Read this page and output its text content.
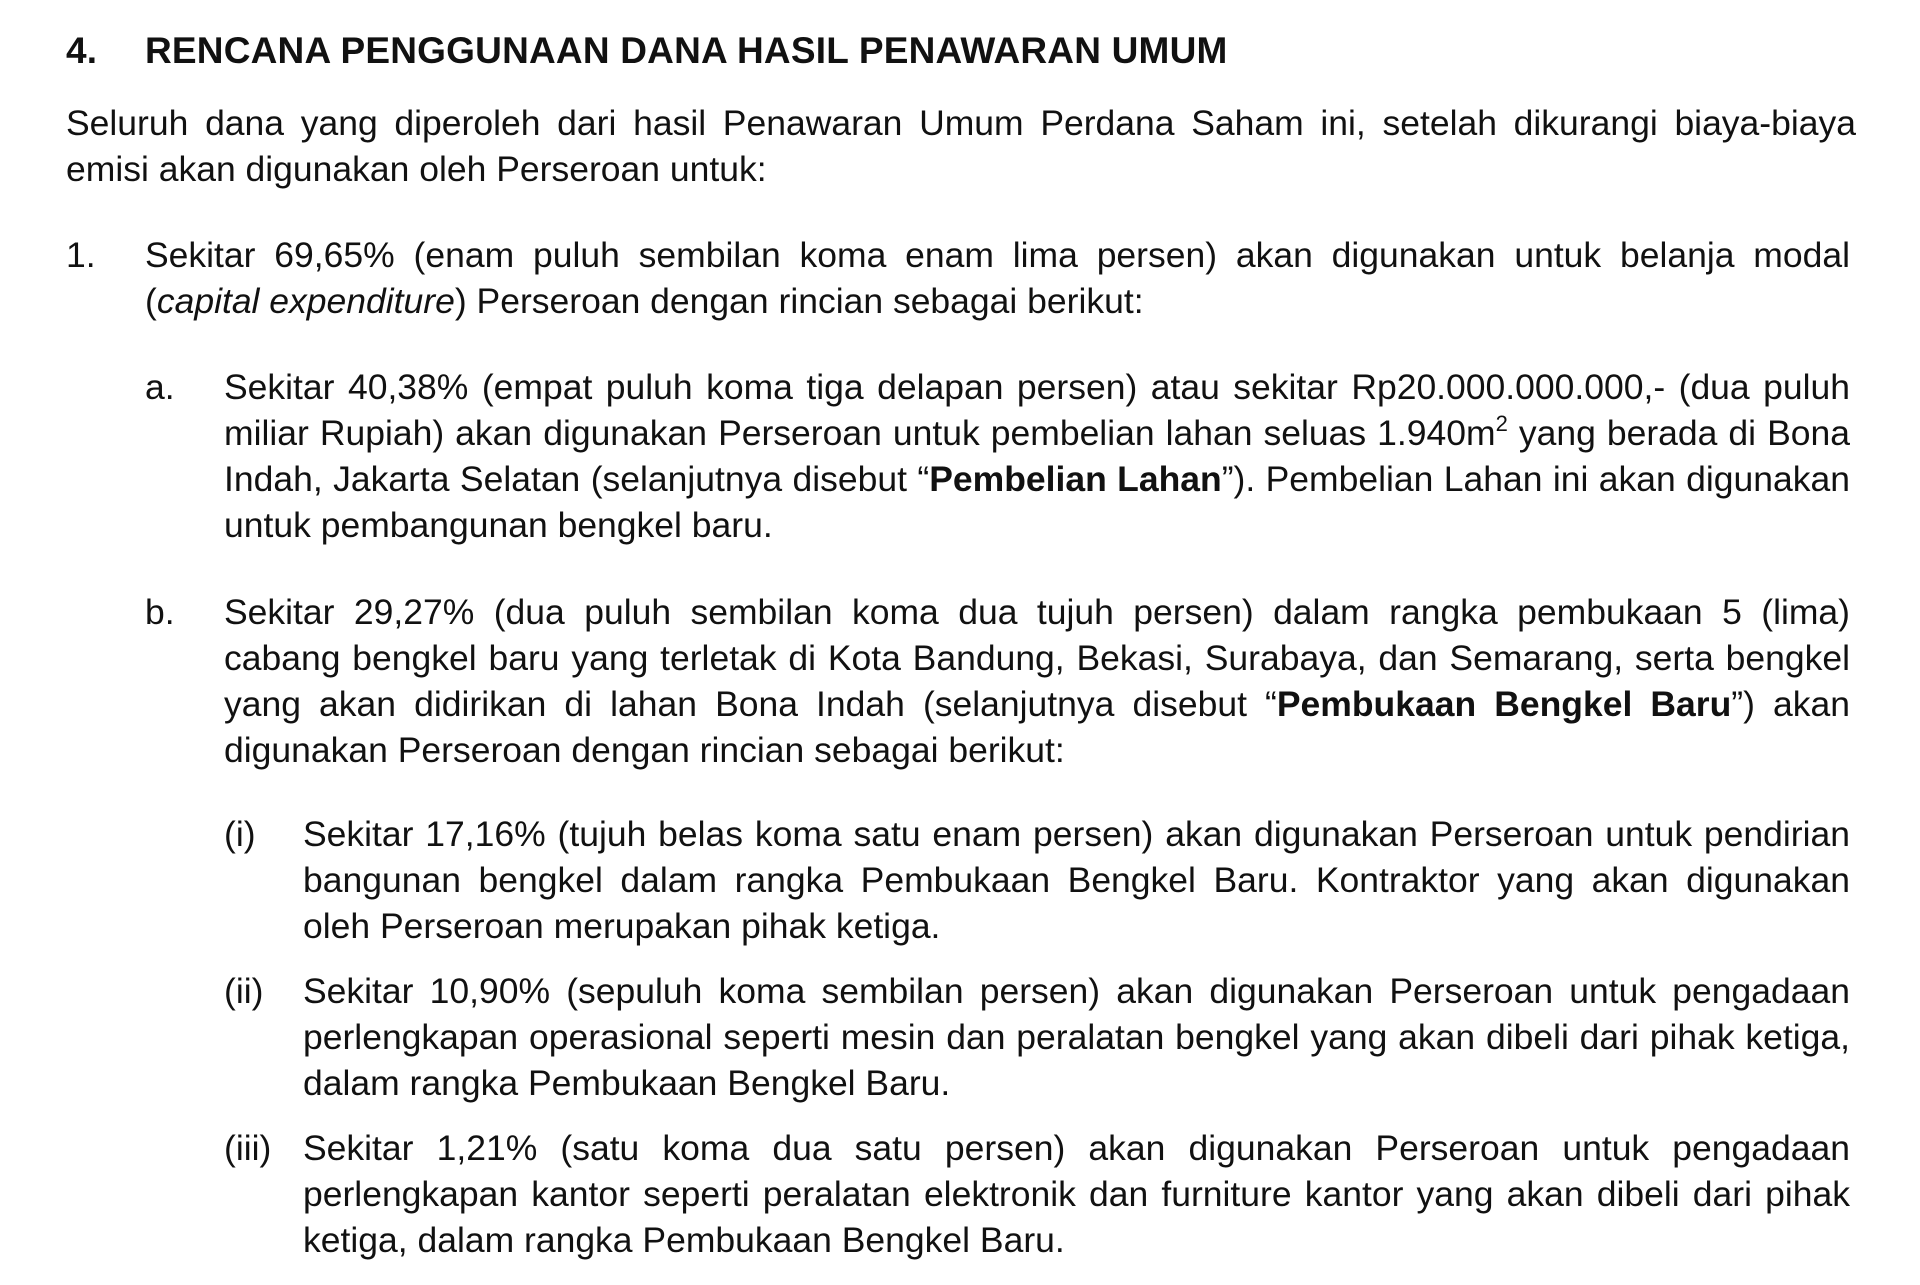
4.	RENCANA PENGGUNAAN DANA HASIL PENAWARAN UMUM
Seluruh dana yang diperoleh dari hasil Penawaran Umum Perdana Saham ini, setelah dikurangi biaya-biaya emisi akan digunakan oleh Perseroan untuk:
1.	Sekitar 69,65% (enam puluh sembilan koma enam lima persen) akan digunakan untuk belanja modal (capital expenditure) Perseroan dengan rincian sebagai berikut:
a.	Sekitar 40,38% (empat puluh koma tiga delapan persen) atau sekitar Rp20.000.000.000,- (dua puluh miliar Rupiah) akan digunakan Perseroan untuk pembelian lahan seluas $1.940m^2$ yang berada di Bona Indah, Jakarta Selatan (selanjutnya disebut “Pembelian Lahan”). Pembelian Lahan ini akan digunakan untuk pembangunan bengkel baru.
b.	Sekitar 29,27% (dua puluh sembilan koma dua tujuh persen) dalam rangka pembukaan 5 (lima) cabang bengkel baru yang terletak di Kota Bandung, Bekasi, Surabaya, dan Semarang, serta bengkel yang akan didirikan di lahan Bona Indah (selanjutnya disebut “Pembukaan Bengkel Baru”) akan digunakan Perseroan dengan rincian sebagai berikut:
(i)	Sekitar 17,16% (tujuh belas koma satu enam persen) akan digunakan Perseroan untuk pendirian bangunan bengkel dalam rangka Pembukaan Bengkel Baru. Kontraktor yang akan digunakan oleh Perseroan merupakan pihak ketiga.
(ii)	Sekitar 10,90% (sepuluh koma sembilan persen) akan digunakan Perseroan untuk pengadaan perlengkapan operasional seperti mesin dan peralatan bengkel yang akan dibeli dari pihak ketiga, dalam rangka Pembukaan Bengkel Baru.
(iii) Sekitar 1,21% (satu koma dua satu persen) akan digunakan Perseroan untuk pengadaan perlengkapan kantor seperti peralatan elektronik dan furniture kantor yang akan dibeli dari pihak ketiga, dalam rangka Pembukaan Bengkel Baru.
